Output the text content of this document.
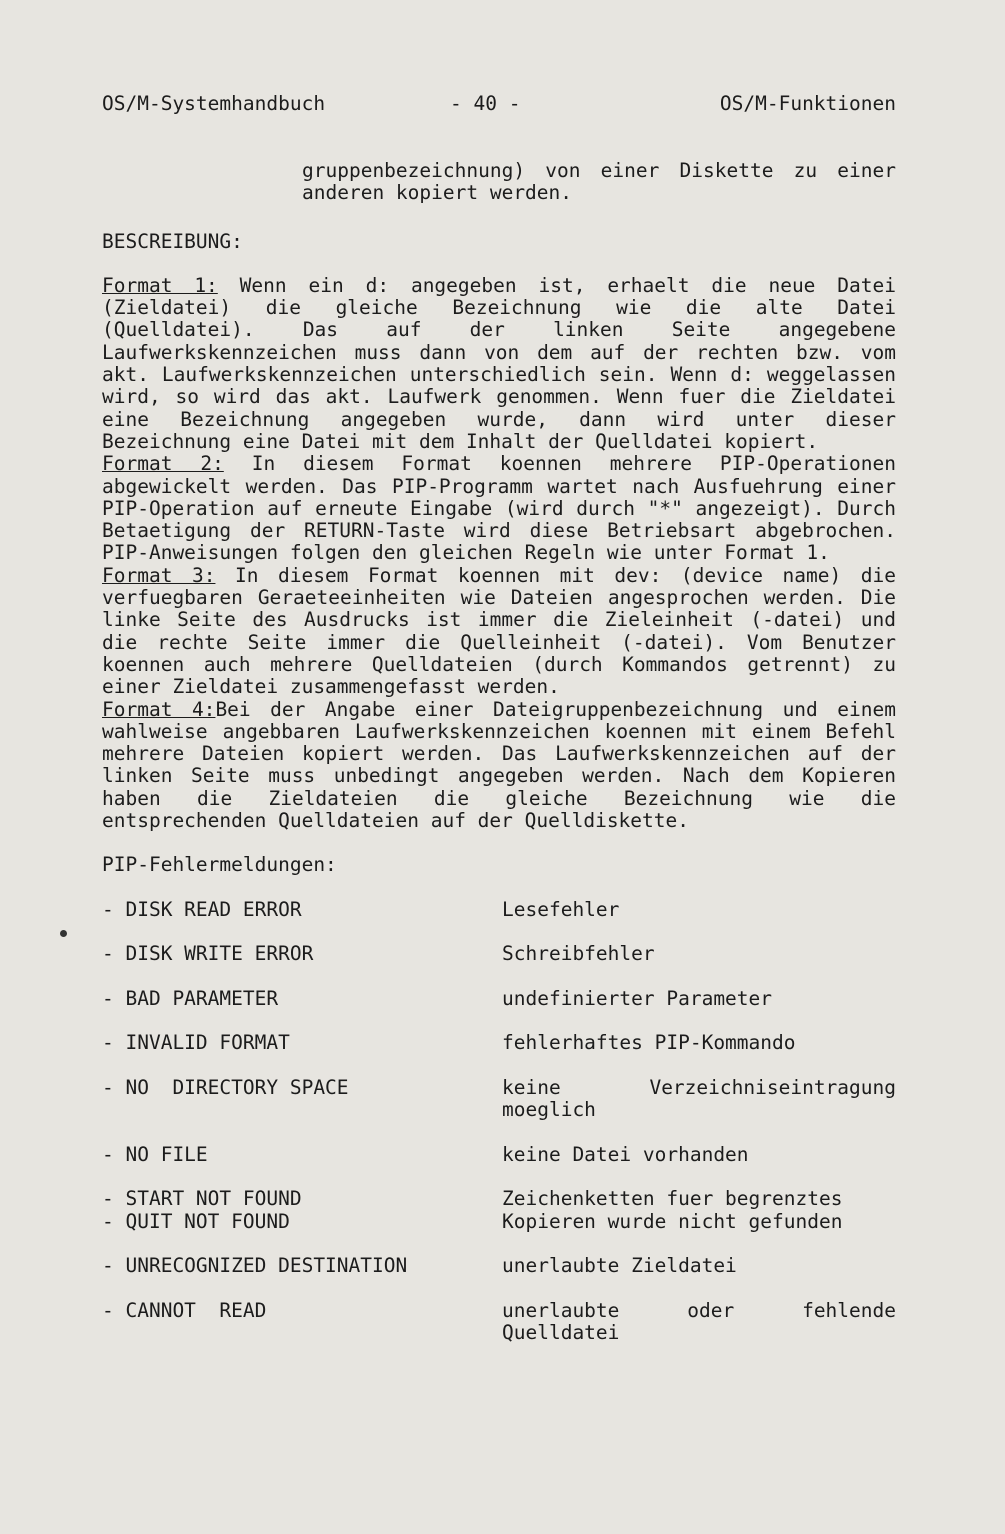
OS/M-Systemhandbuch	- 40 -	OS/M-Funktionen
gruppenbezeichnung) von einer Diskette zu einer anderen kopiert werden.
BESCREIBUNG:
Format 1: Wenn ein d: angegeben ist, erhaelt die neue Datei (Zieldatei) die gleiche Bezeichnung wie die alte Datei (Quelldatei). Das auf der linken Seite angegebene Laufwerkskennzeichen muss dann von dem auf der rechten bzw. vom akt. Laufwerkskennzeichen unterschiedlich sein. Wenn d: weggelassen wird, so wird das akt. Laufwerk genommen. Wenn fuer die Zieldatei eine Bezeichnung angegeben wurde, dann wird unter dieser Bezeichnung eine Datei mit dem Inhalt der Quelldatei kopiert.
Format 2: In diesem Format koennen mehrere PIP-Operationen abgewickelt werden. Das PIP-Programm wartet nach Ausfuehrung einer PIP-Operation auf erneute Eingabe (wird durch "*" angezeigt). Durch Betaetigung der RETURN-Taste wird diese Betriebsart abgebrochen. PIP-Anweisungen folgen den gleichen Regeln wie unter Format 1.
Format 3: In diesem Format koennen mit dev: (device name) die verfuegbaren Geraeteeinheiten wie Dateien angesprochen werden. Die linke Seite des Ausdrucks ist immer die Zieleinheit (-datei) und die rechte Seite immer die Quelleinheit (-datei). Vom Benutzer koennen auch mehrere Quelldateien (durch Kommandos getrennt) zu einer Zieldatei zusammengefasst werden.
Format 4:Bei der Angabe einer Dateigruppenbezeichnung und einem wahlweise angebbaren Laufwerkskennzeichen koennen mit einem Befehl mehrere Dateien kopiert werden. Das Laufwerkskennzeichen auf der linken Seite muss unbedingt angegeben werden. Nach dem Kopieren haben die Zieldateien die gleiche Bezeichnung wie die entsprechenden Quelldateien auf der Quelldiskette.
PIP-Fehlermeldungen:
- DISK READ ERROR	Lesefehler
- DISK WRITE ERROR	Schreibfehler
- BAD PARAMETER	undefinierter Parameter
- INVALID FORMAT	fehlerhaftes PIP-Kommando
- NO  DIRECTORY SPACE	keine Verzeichniseintragung moeglich
- NO FILE	keine Datei vorhanden
- START NOT FOUND	Zeichenketten fuer begrenztes
- QUIT NOT FOUND	Kopieren wurde nicht gefunden
- UNRECOGNIZED DESTINATION	unerlaubte Zieldatei
- CANNOT  READ	unerlaubte oder fehlende Quelldatei
